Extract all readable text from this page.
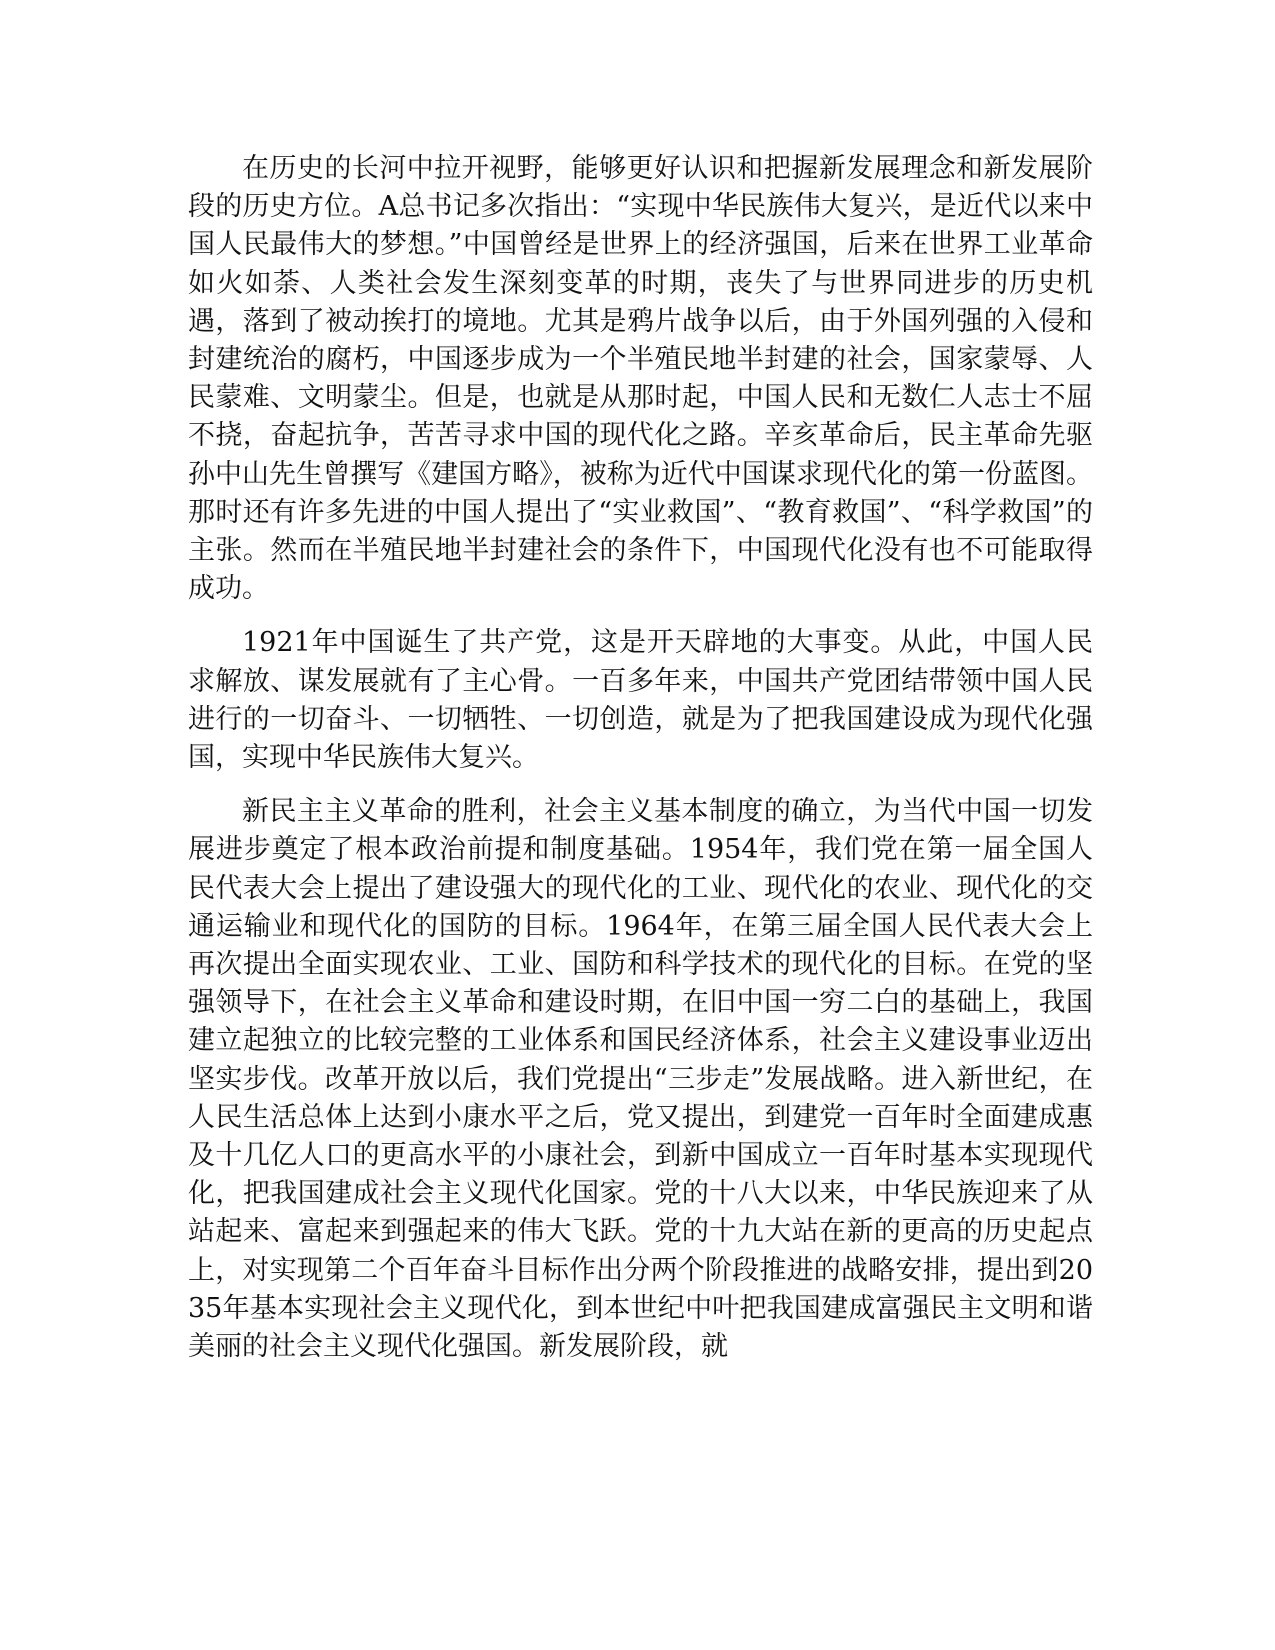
在历史的长河中拉开视野，能够更好认识和把握新发展理念和新发展阶段的历史方位。A总书记多次指出：“实现中华民族伟大复兴，是近代以来中国人民最伟大的梦想。”中国曾经是世界上的经济强国，后来在世界工业革命如火如荼、人类社会发生深刻变革的时期，丧失了与世界同进步的历史机遇，落到了被动挨打的境地。尤其是鸦片战争以后，由于外国列强的入侵和封建统治的腐朽，中国逐步成为一个半殖民地半封建的社会，国家蒙辱、人民蒙难、文明蒙尘。但是，也就是从那时起，中国人民和无数仁人志士不屈不挠，奋起抗争，苦苦寻求中国的现代化之路。辛亥革命后，民主革命先驱孙中山先生曾撰写《建国方略》，被称为近代中国谋求现代化的第一份蓝图。那时还有许多先进的中国人提出了“实业救国”、“教育救国”、“科学救国”的主张。然而在半殖民地半封建社会的条件下，中国现代化没有也不可能取得成功。

1921年中国诞生了共产党，这是开天辟地的大事变。从此，中国人民求解放、谋发展就有了主心骨。一百多年来，中国共产党团结带领中国人民进行的一切奋斗、一切牺牲、一切创造，就是为了把我国建设成为现代化强国，实现中华民族伟大复兴。

新民主主义革命的胜利，社会主义基本制度的确立，为当代中国一切发展进步奠定了根本政治前提和制度基础。1954年，我们党在第一届全国人民代表大会上提出了建设强大的现代化的工业、现代化的农业、现代化的交通运输业和现代化的国防的目标。1964年，在第三届全国人民代表大会上再次提出全面实现农业、工业、国防和科学技术的现代化的目标。在党的坚强领导下，在社会主义革命和建设时期，在旧中国一穷二白的基础上，我国建立起独立的比较完整的工业体系和国民经济体系，社会主义建设事业迈出坚实步伐。改革开放以后，我们党提出“三步走”发展战略。进入新世纪，在人民生活总体上达到小康水平之后，党又提出，到建党一百年时全面建成惠及十几亿人口的更高水平的小康社会，到新中国成立一百年时基本实现现代化，把我国建成社会主义现代化国家。党的十八大以来，中华民族迎来了从站起来、富起来到强起来的伟大飞跃。党的十九大站在新的更高的历史起点上，对实现第二个百年奋斗目标作出分两个阶段推进的战略安排，提出到2035年基本实现社会主义现代化，到本世纪中叶把我国建成富强民主文明和谐美丽的社会主义现代化强国。新发展阶段，就
